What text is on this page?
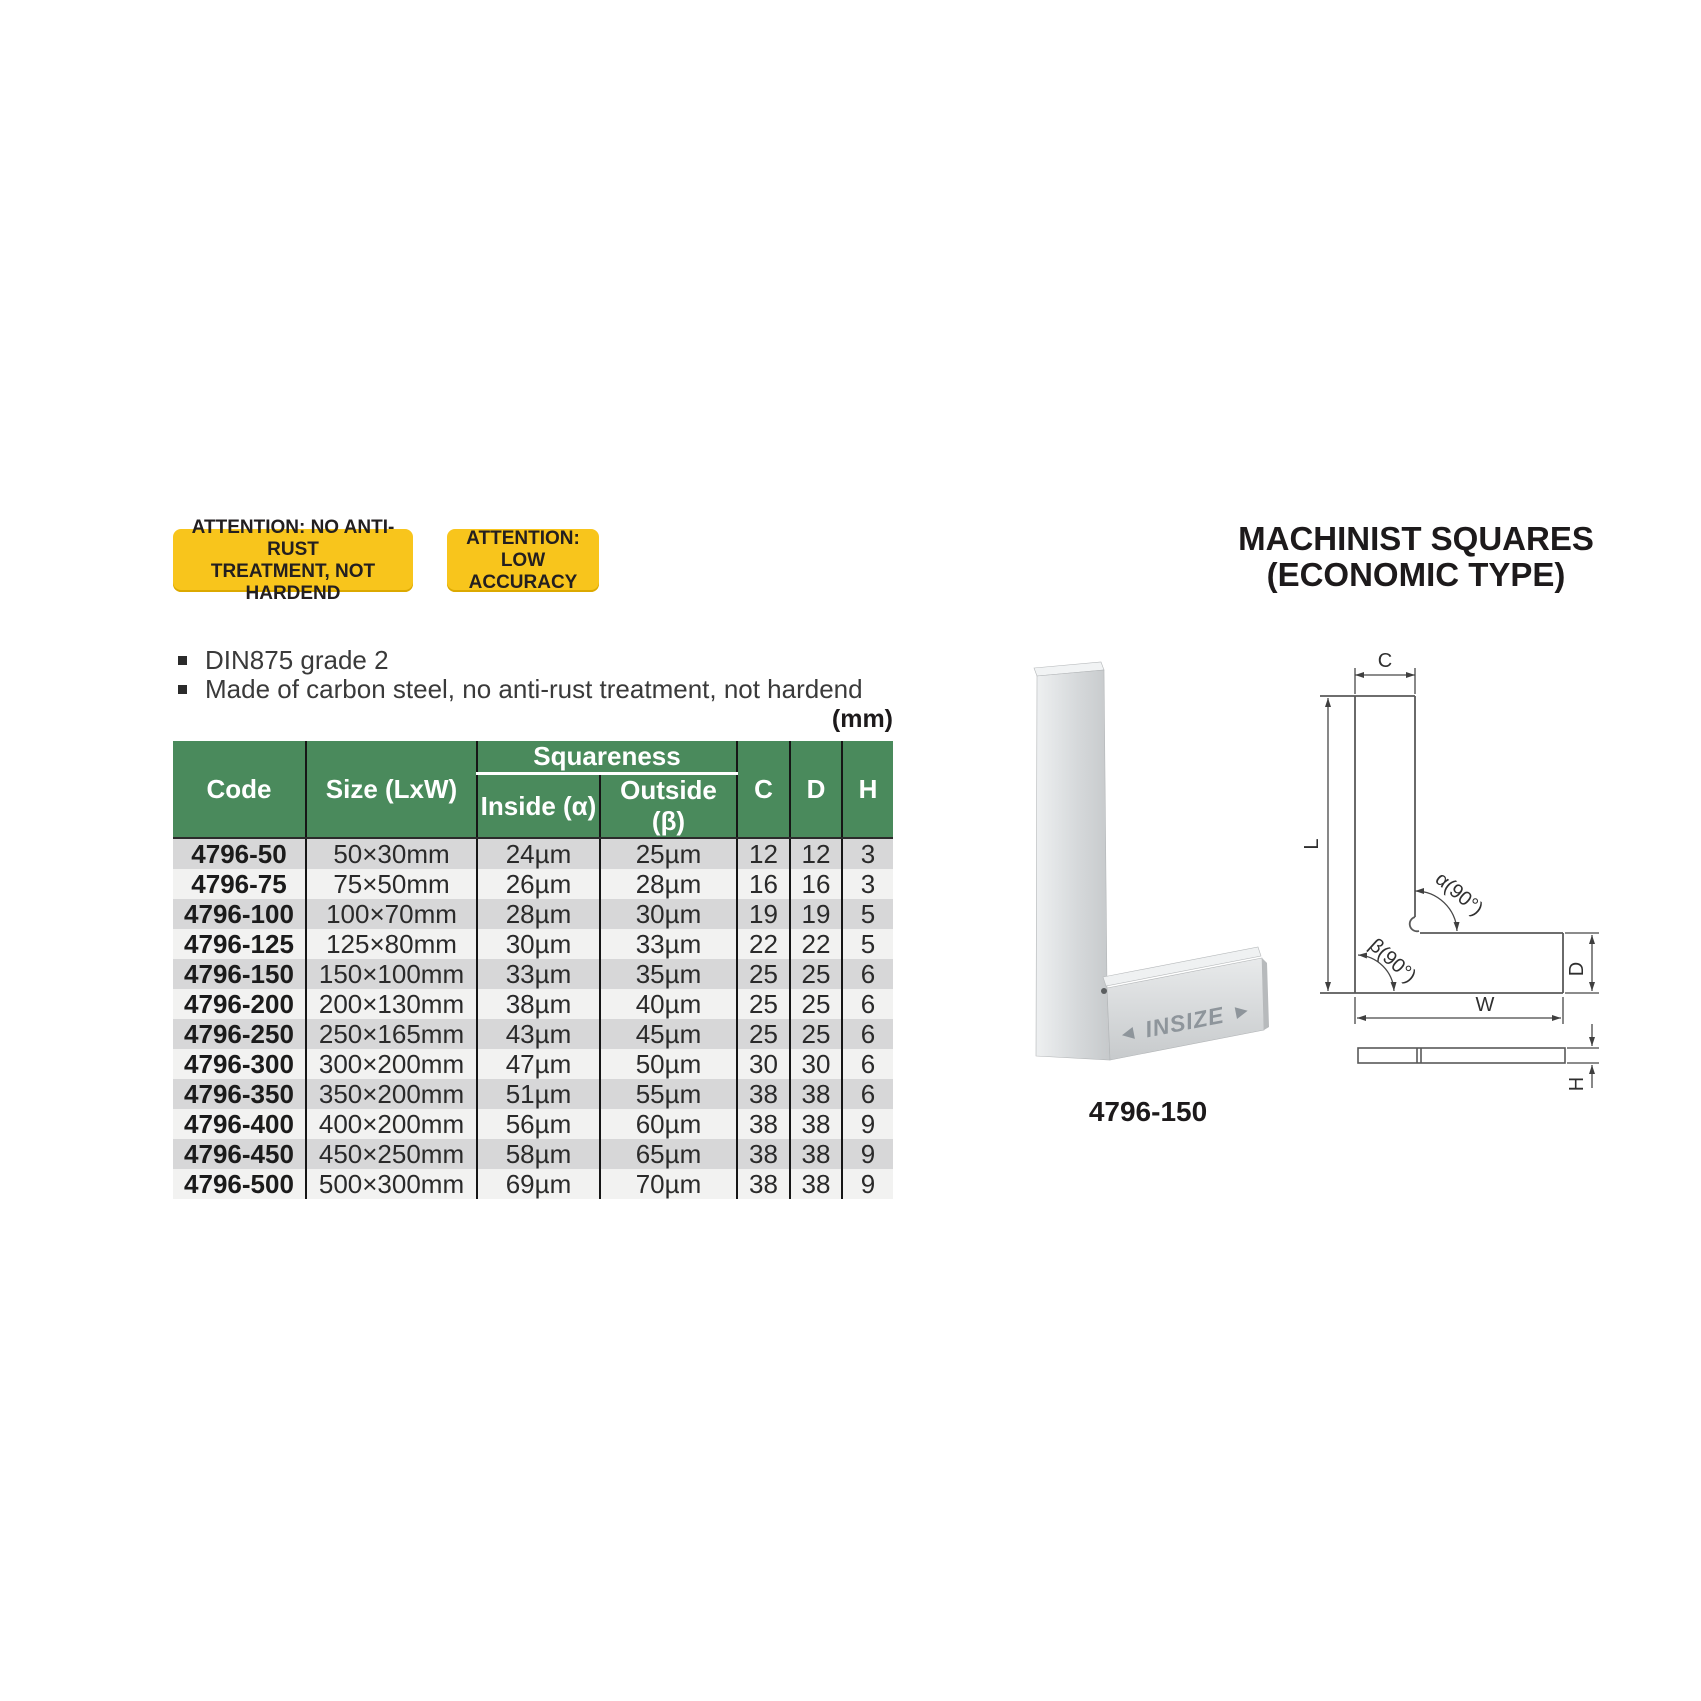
ATTENTION: NO ANTI-RUST
TREATMENT, NOT HARDEND
ATTENTION:
LOW ACCURACY
MACHINIST SQUARES
(ECONOMIC TYPE)
DIN875 grade 2
Made of carbon steel, no anti-rust treatment, not hardend
(mm)
Code	Size (LxW)	Squareness		C	D	H
		Inside (α)	Outside (β)			
4796-50	50×30mm	24µm	25µm	12	12	3
4796-75	75×50mm	26µm	28µm	16	16	3
4796-100	100×70mm	28µm	30µm	19	19	5
4796-125	125×80mm	30µm	33µm	22	22	5
4796-150	150×100mm	33µm	35µm	25	25	6
4796-200	200×130mm	38µm	40µm	25	25	6
4796-250	250×165mm	43µm	45µm	25	25	6
4796-300	300×200mm	47µm	50µm	30	30	6
4796-350	350×200mm	51µm	55µm	38	38	6
4796-400	400×200mm	56µm	60µm	38	38	9
4796-450	450×250mm	58µm	65µm	38	38	9
4796-500	500×300mm	69µm	70µm	38	38	9
INSIZE
4796-150
C
L
D
W
H
α(90°)
β(90°)
